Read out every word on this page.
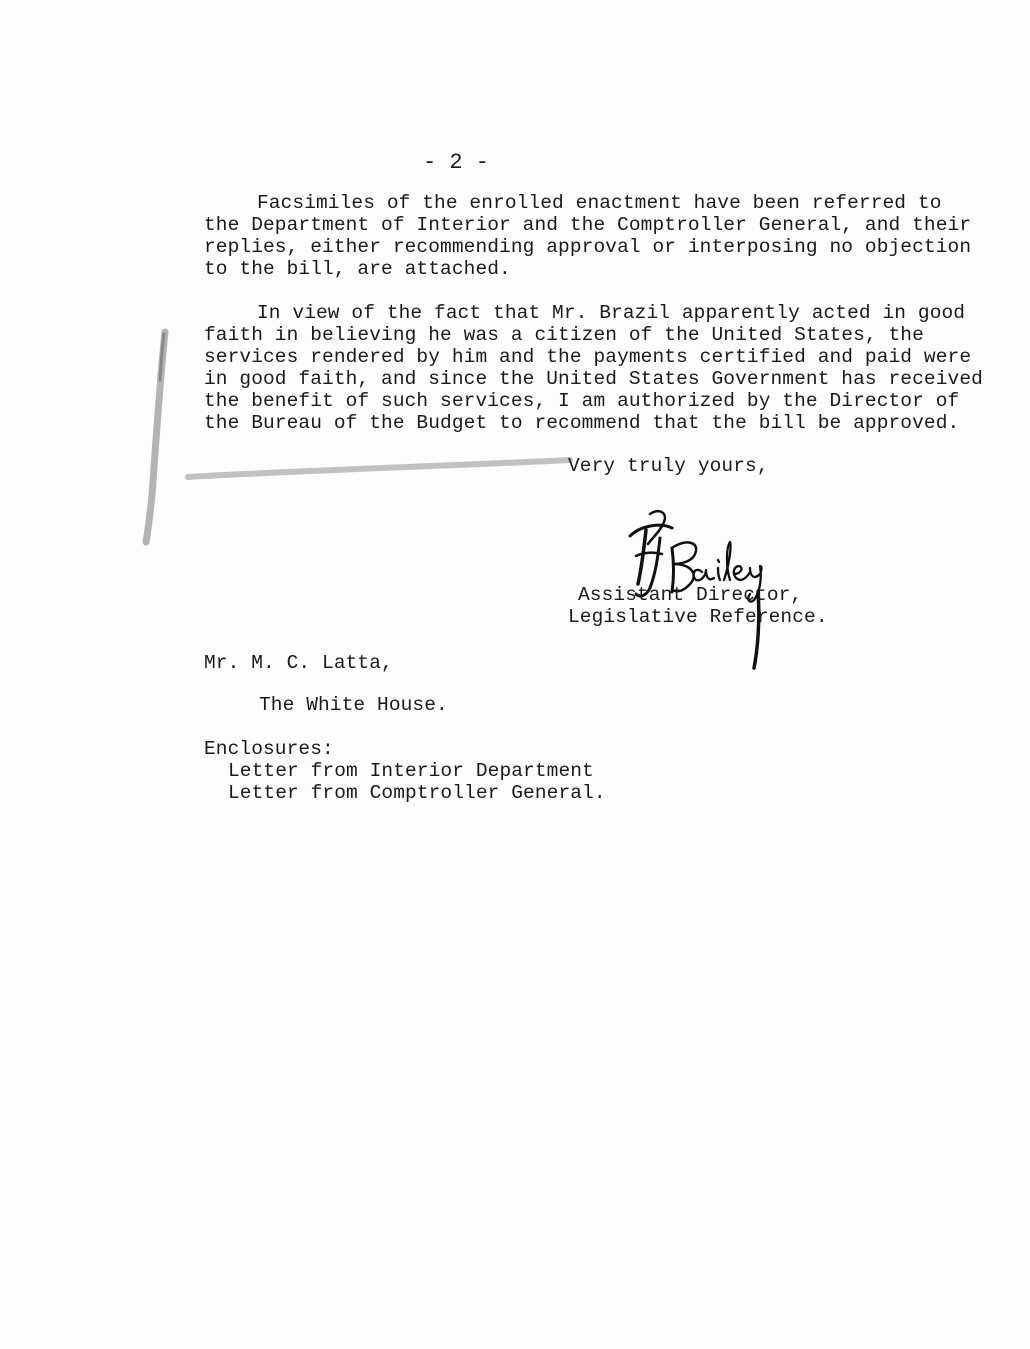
- 2 -
Facsimiles of the enrolled enactment have been referred to
the Department of Interior and the Comptroller General, and their
replies, either recommending approval or interposing no objection
to the bill, are attached.
In view of the fact that Mr. Brazil apparently acted in good
faith in believing he was a citizen of the United States, the
services rendered by him and the payments certified and paid were
in good faith, and since the United States Government has received
the benefit of such services, I am authorized by the Director of
the Bureau of the Budget to recommend that the bill be approved.
Very truly yours,
Assistant Director,
Legislative Reference.
Mr. M. C. Latta,
The White House.
Enclosures:
Letter from Interior Department
Letter from Comptroller General.
